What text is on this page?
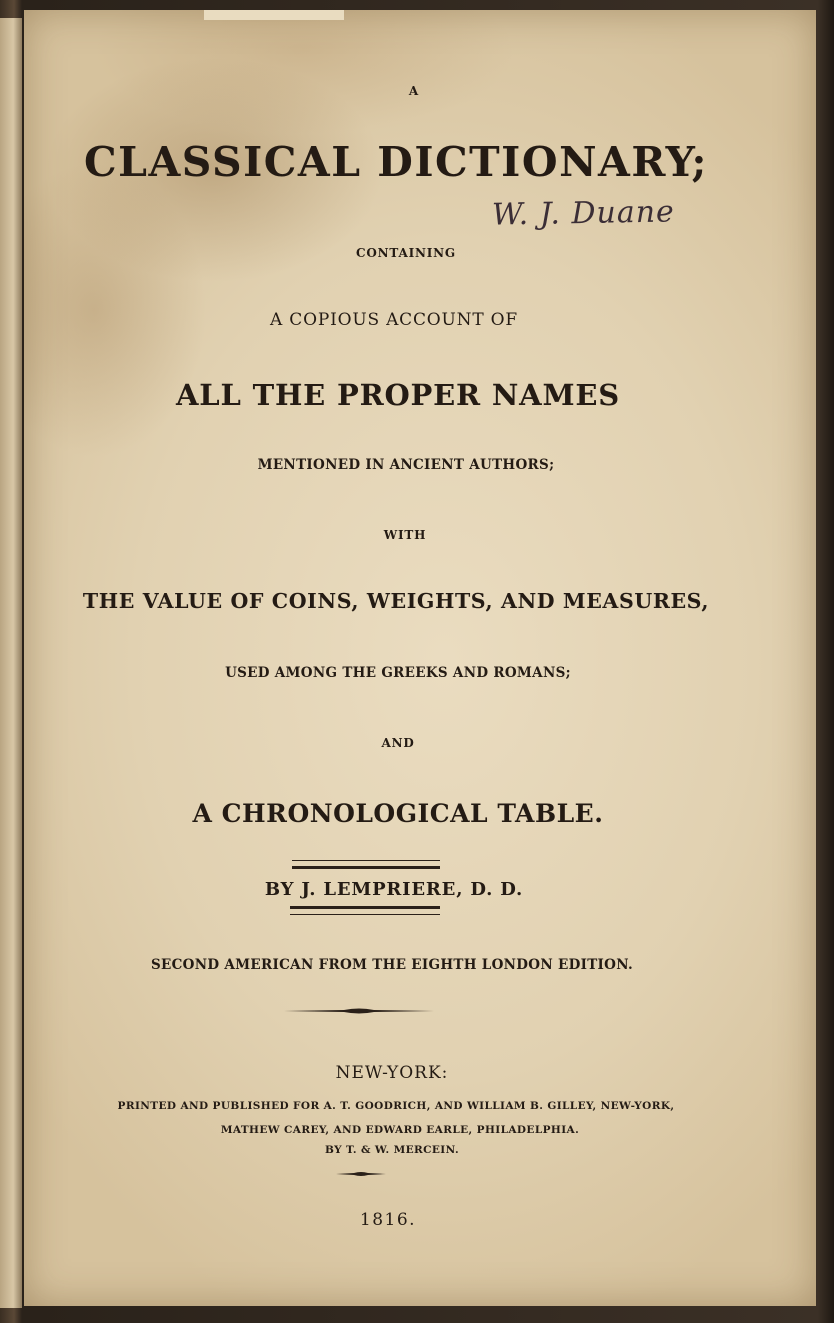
A
CLASSICAL DICTIONARY;
W. J. Duane
CONTAINING
A COPIOUS ACCOUNT OF
ALL THE PROPER NAMES
MENTIONED IN ANCIENT AUTHORS;
WITH
THE VALUE OF COINS, WEIGHTS, AND MEASURES,
USED AMONG THE GREEKS AND ROMANS;
AND
A CHRONOLOGICAL TABLE.
BY J. LEMPRIERE, D. D.
SECOND AMERICAN FROM THE EIGHTH LONDON EDITION.
NEW-YORK:
PRINTED AND PUBLISHED FOR A. T. GOODRICH, AND WILLIAM B. GILLEY, NEW-YORK,
MATHEW CAREY, AND EDWARD EARLE, PHILADELPHIA.
BY T. & W. MERCEIN.
1816.
